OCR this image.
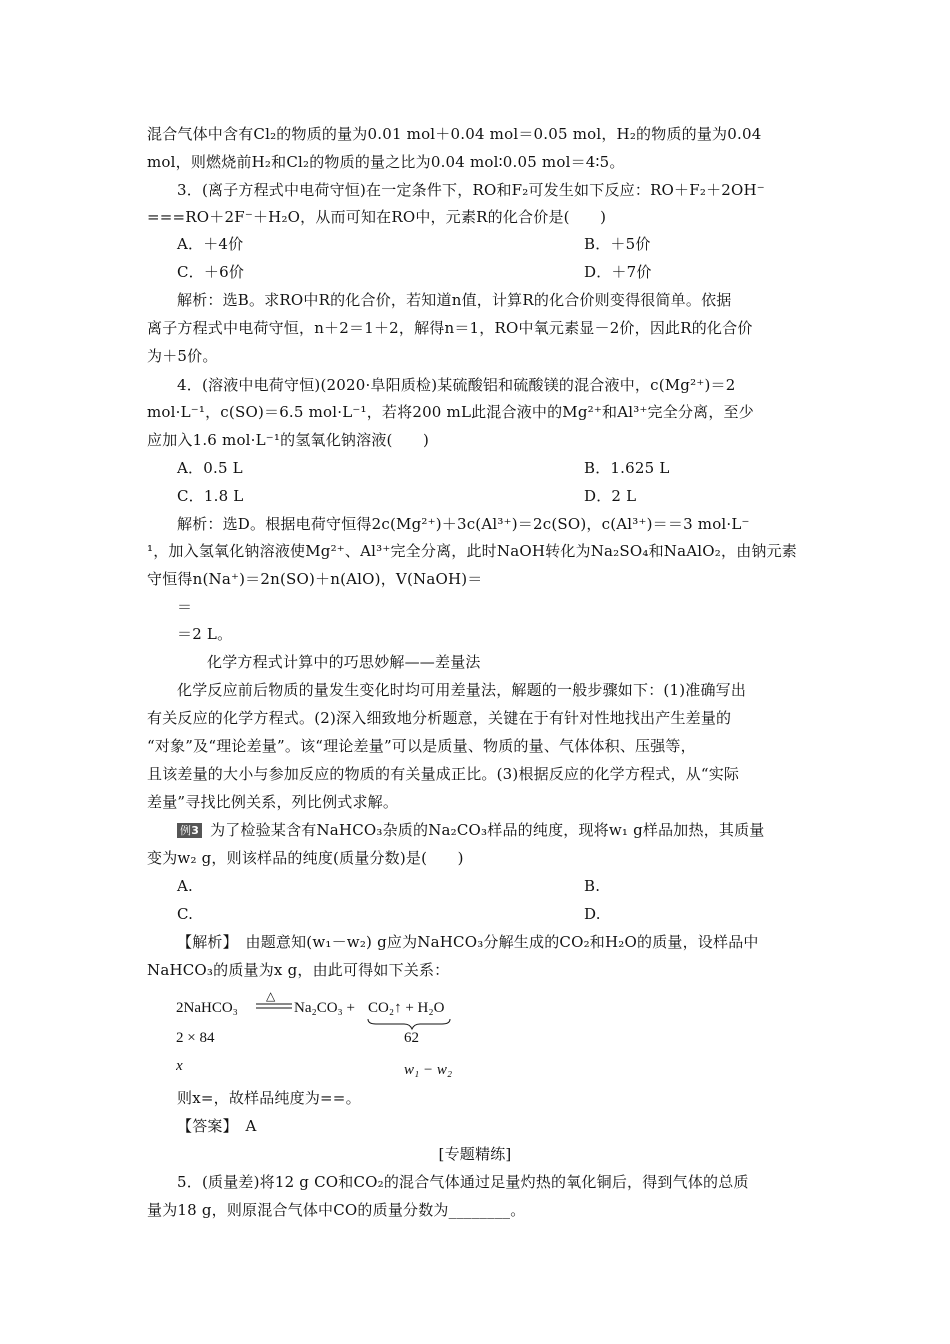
混合气体中含有Cl₂的物质的量为0.01 mol＋0.04 mol＝0.05 mol，H₂的物质的量为0.04
mol，则燃烧前H₂和Cl₂的物质的量之比为0.04 mol∶0.05 mol＝4∶5。
3．(离子方程式中电荷守恒)在一定条件下，RO和F₂可发生如下反应：RO＋F₂＋2OH⁻
===RO＋2F⁻＋H₂O，从而可知在RO中，元素R的化合价是(　　)
A．＋4价	B．＋5价
C．＋6价	D．＋7价
解析：选B。求RO中R的化合价，若知道n值，计算R的化合价则变得很简单。依据
离子方程式中电荷守恒，n＋2＝1＋2，解得n＝1，RO中氧元素显－2价，因此R的化合价
为＋5价。
4．(溶液中电荷守恒)(2020·阜阳质检)某硫酸铝和硫酸镁的混合液中，c(Mg²⁺)＝2
mol·L⁻¹，c(SO)＝6.5 mol·L⁻¹，若将200 mL此混合液中的Mg²⁺和Al³⁺完全分离，至少
应加入1.6 mol·L⁻¹的氢氧化钠溶液(　　)
A．0.5 L	B．1.625 L
C．1.8 L	D．2 L
解析：选D。根据电荷守恒得2c(Mg²⁺)＋3c(Al³⁺)＝2c(SO)，c(Al³⁺)＝＝3 mol·L⁻
¹，加入氢氧化钠溶液使Mg²⁺、Al³⁺完全分离，此时NaOH转化为Na₂SO₄和NaAlO₂，由钠元素
守恒得n(Na⁺)＝2n(SO)＋n(AlO)，V(NaOH)＝
＝
＝2 L。
化学方程式计算中的巧思妙解——差量法
化学反应前后物质的量发生变化时均可用差量法，解题的一般步骤如下：(1)准确写出
有关反应的化学方程式。(2)深入细致地分析题意，关键在于有针对性地找出产生差量的
“对象”及“理论差量”。该“理论差量”可以是质量、物质的量、气体体积、压强等，
且该差量的大小与参加反应的物质的有关量成正比。(3)根据反应的化学方程式，从“实际
差量”寻找比例关系，列比例式求解。
例3 为了检验某含有NaHCO₃杂质的Na₂CO₃样品的纯度，现将w₁ g样品加热，其质量
变为w₂ g，则该样品的纯度(质量分数)是(　　)
A.	B.
C.	D.
【解析】　由题意知(w₁－w₂) g应为NaHCO₃分解生成的CO₂和H₂O的质量，设样品中
NaHCO₃的质量为x g，由此可得如下关系：
2NaHCO₃
△
Na₂CO₃ + CO₂↑ + H₂O
2 × 84	62
x	w₁ − w₂
则x=，故样品纯度为==。
【答案】　A
[专题精练]
5．(质量差)将12 g CO和CO₂的混合气体通过足量灼热的氧化铜后，得到气体的总质
量为18 g，则原混合气体中CO的质量分数为________。
